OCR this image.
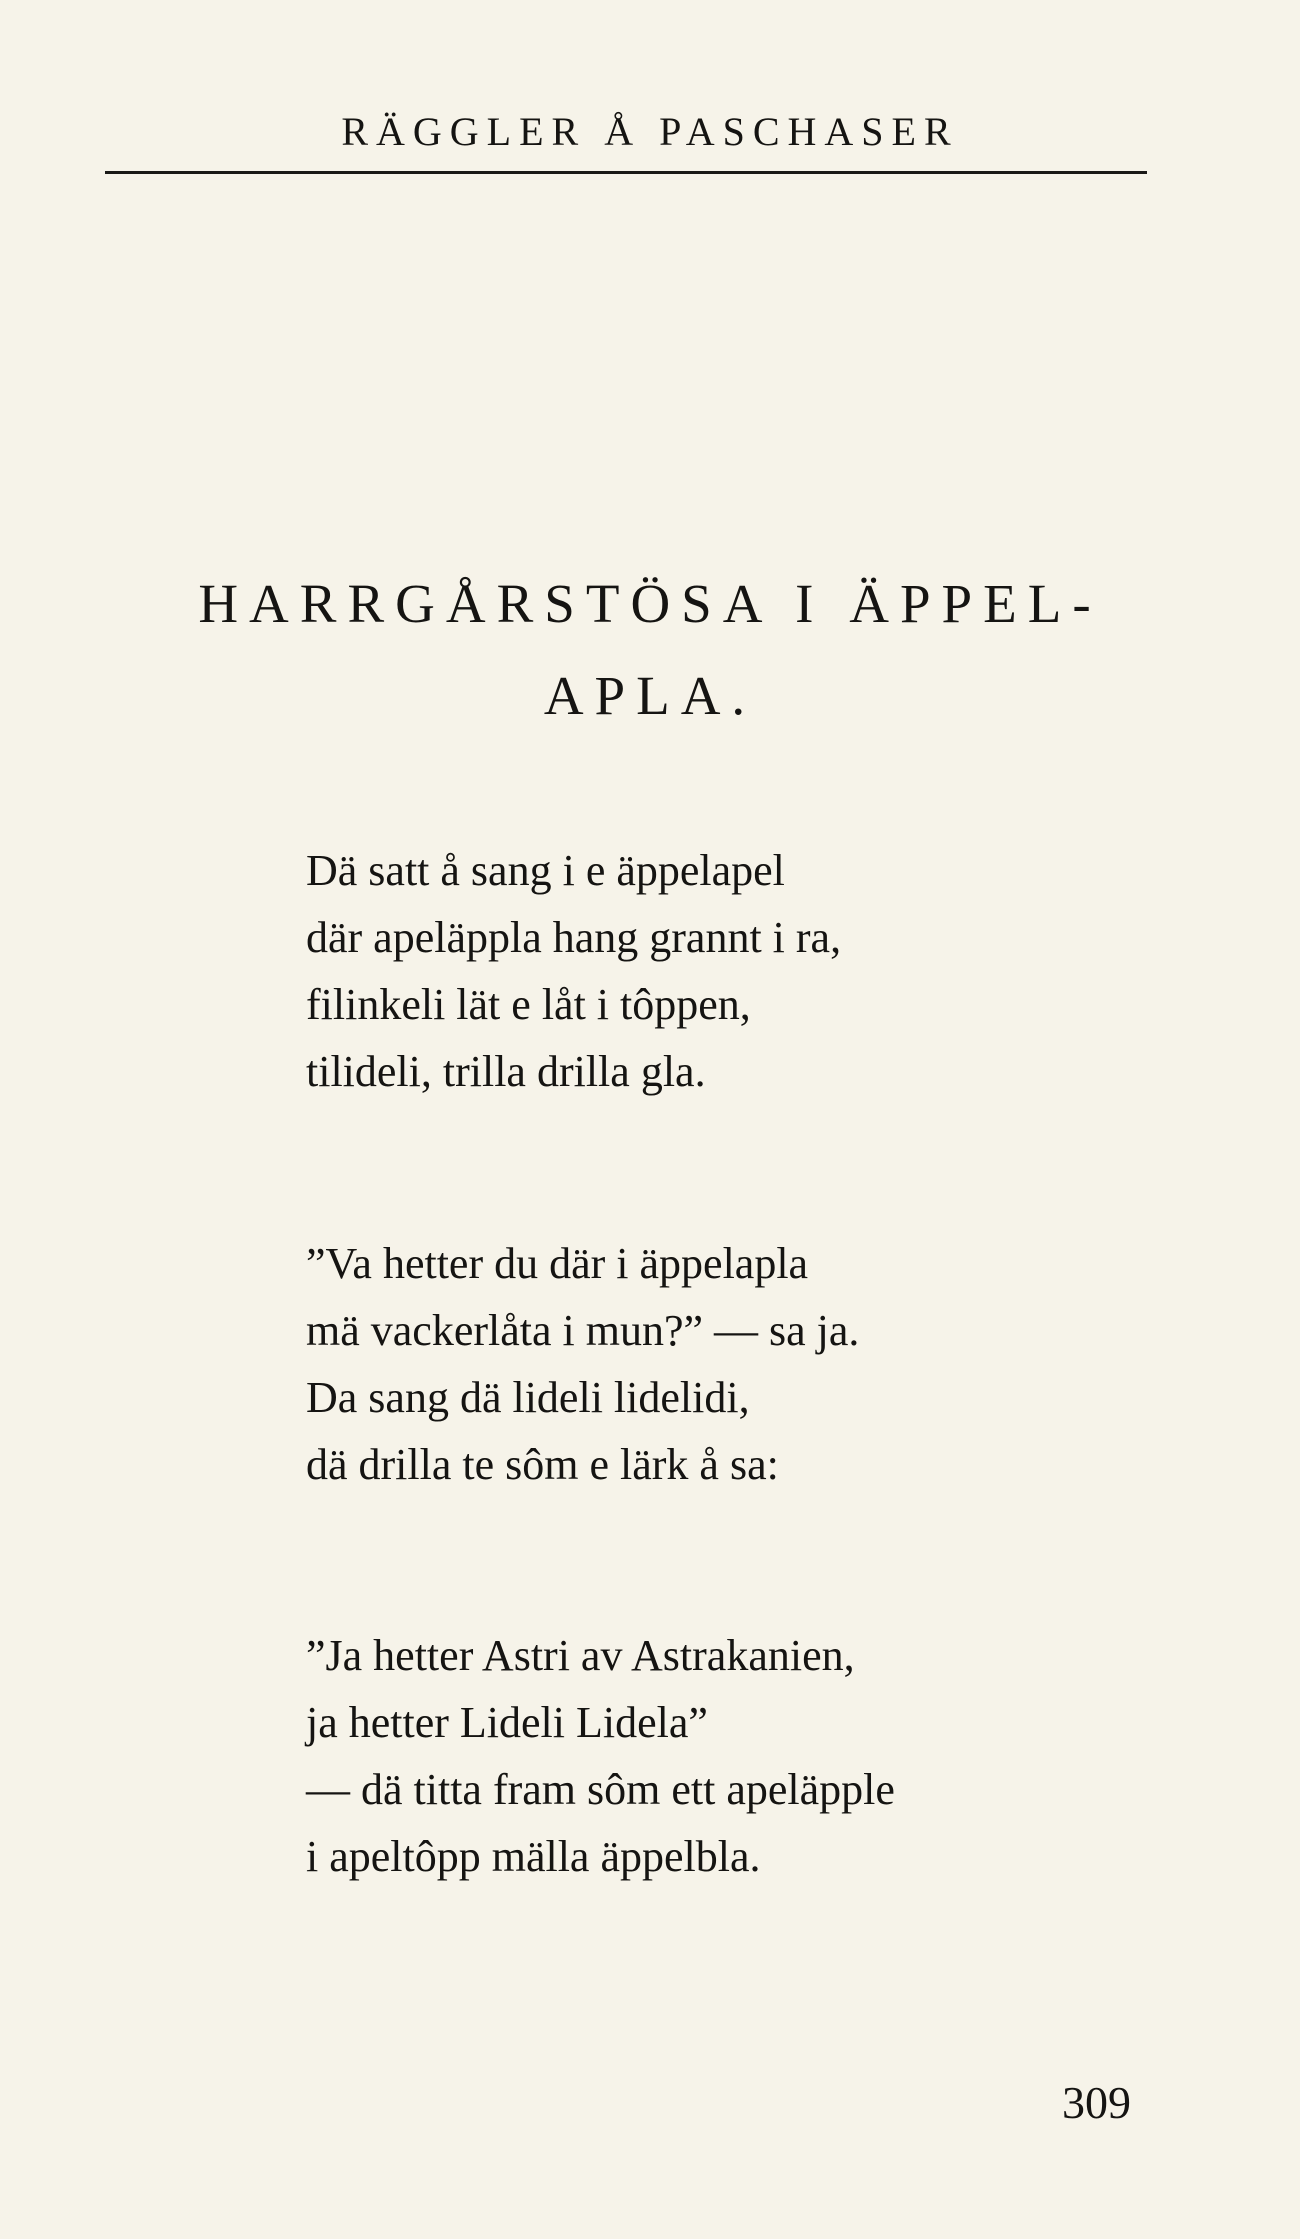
RÄGGLER Å PASCHASER
HARRGÅRSTÖSA I ÄPPEL-
APLA.
Dä satt å sang i e äppelapel
där apeläppla hang grannt i ra,
filinkeli lät e låt i tôppen,
tilideli, trilla drilla gla.
”Va hetter du där i äppelapla
mä vackerlåta i mun?” — sa ja.
Da sang dä lideli lidelidi,
dä drilla te sôm e lärk å sa:
”Ja hetter Astri av Astrakanien,
ja hetter Lideli Lidela”
— dä titta fram sôm ett apeläpple
i apeltôpp mälla äppelbla.
309
